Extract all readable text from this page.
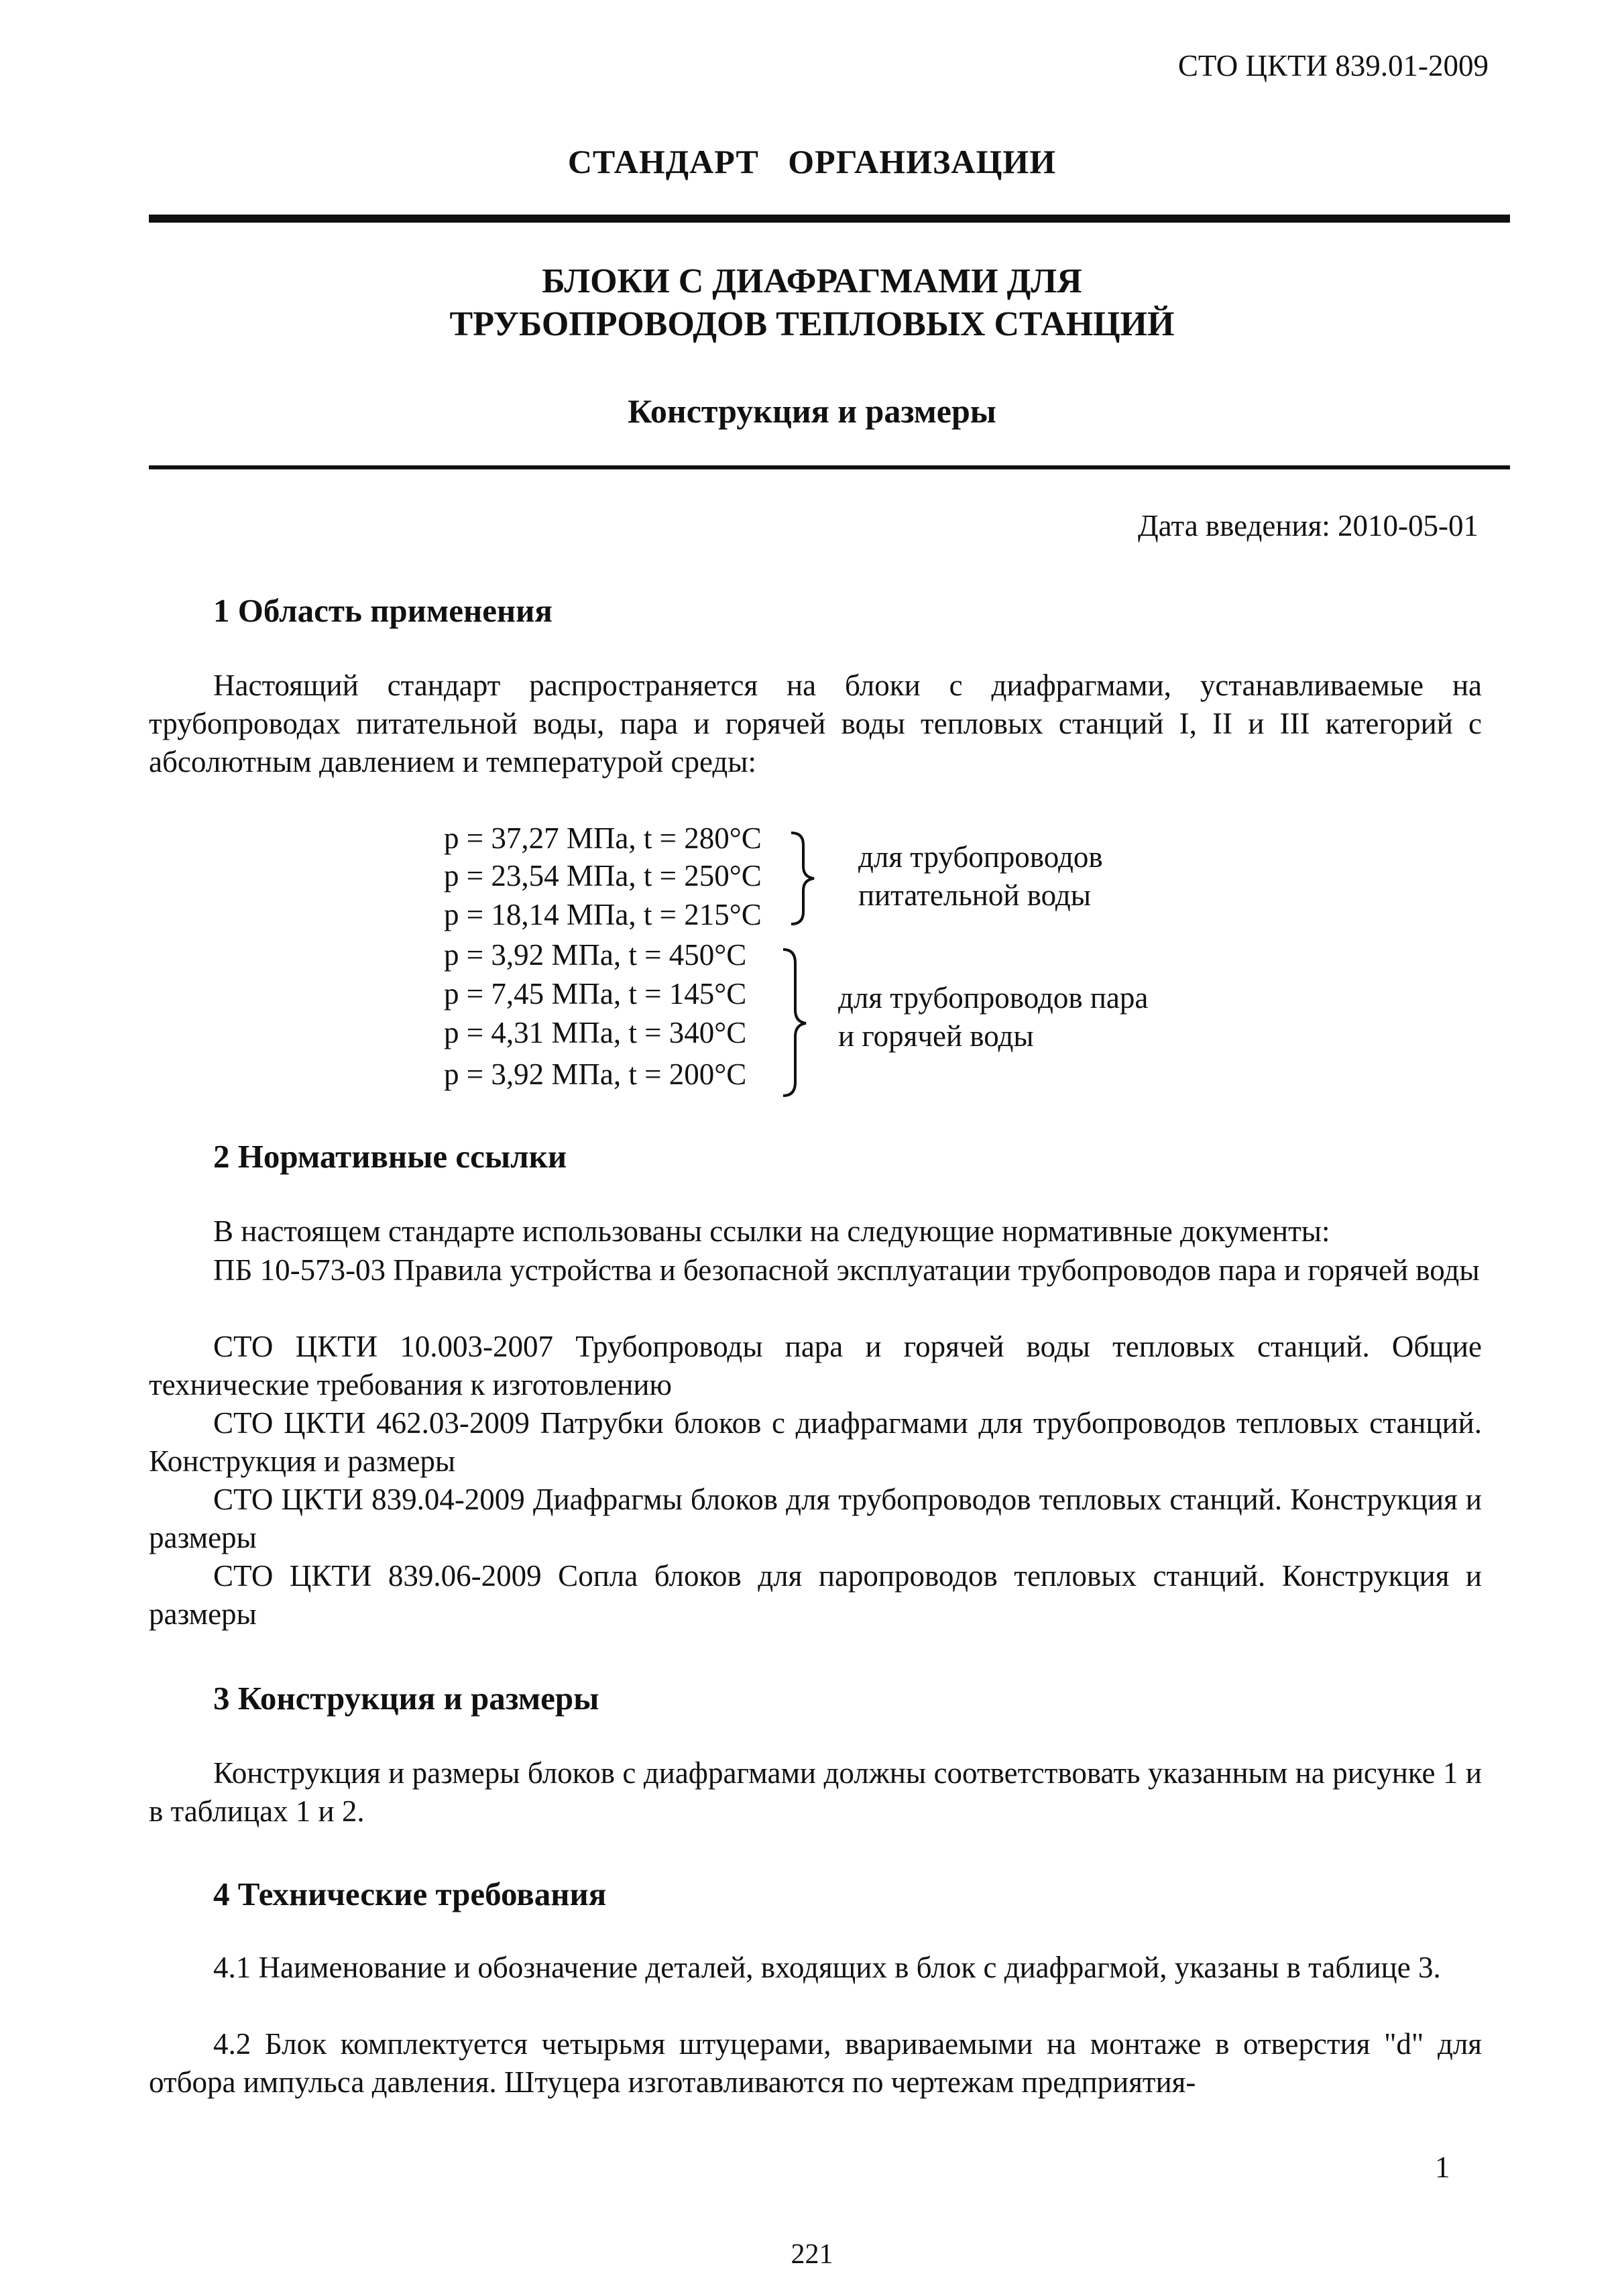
СТО ЦКТИ 839.01-2009
СТАНДАРТ ОРГАНИЗАЦИИ
БЛОКИ С ДИАФРАГМАМИ ДЛЯ
ТРУБОПРОВОДОВ ТЕПЛОВЫХ СТАНЦИЙ
Конструкция и размеры
Дата введения: 2010-05-01
1 Область применения
Настоящий стандарт распространяется на блоки с диафрагмами, устанавливаемые на трубопроводах питательной воды, пара и горячей воды тепловых станций I, II и III категорий с абсолютным давлением и температурой среды:
p = 37,27 МПа, t = 280°C
p = 23,54 МПа, t = 250°C
p = 18,14 МПа, t = 215°C
p = 3,92 МПа, t = 450°C
p = 7,45 МПа, t = 145°C
p = 4,31 МПа, t = 340°C
p = 3,92 МПа, t = 200°C
для трубопроводов
питательной воды
для трубопроводов пара
и горячей воды
2 Нормативные ссылки
В настоящем стандарте использованы ссылки на следующие нормативные документы:
ПБ 10-573-03 Правила устройства и безопасной эксплуатации трубопроводов пара и горячей воды
СТО ЦКТИ 10.003-2007 Трубопроводы пара и горячей воды тепловых станций. Общие технические требования к изготовлению
СТО ЦКТИ 462.03-2009 Патрубки блоков с диафрагмами для трубопроводов тепловых станций. Конструкция и размеры
СТО ЦКТИ 839.04-2009 Диафрагмы блоков для трубопроводов тепловых станций. Конструкция и размеры
СТО ЦКТИ 839.06-2009 Сопла блоков для паропроводов тепловых станций. Конструкция и размеры
3 Конструкция и размеры
Конструкция и размеры блоков с диафрагмами должны соответствовать указанным на рисунке 1 и в таблицах 1 и 2.
4 Технические требования
4.1 Наименование и обозначение деталей, входящих в блок с диафрагмой, указаны в таблице 3.
4.2 Блок комплектуется четырьмя штуцерами, ввариваемыми на монтаже в отверстия "d" для отбора импульса давления. Штуцера изготавливаются по чертежам предприятия-
1
221
